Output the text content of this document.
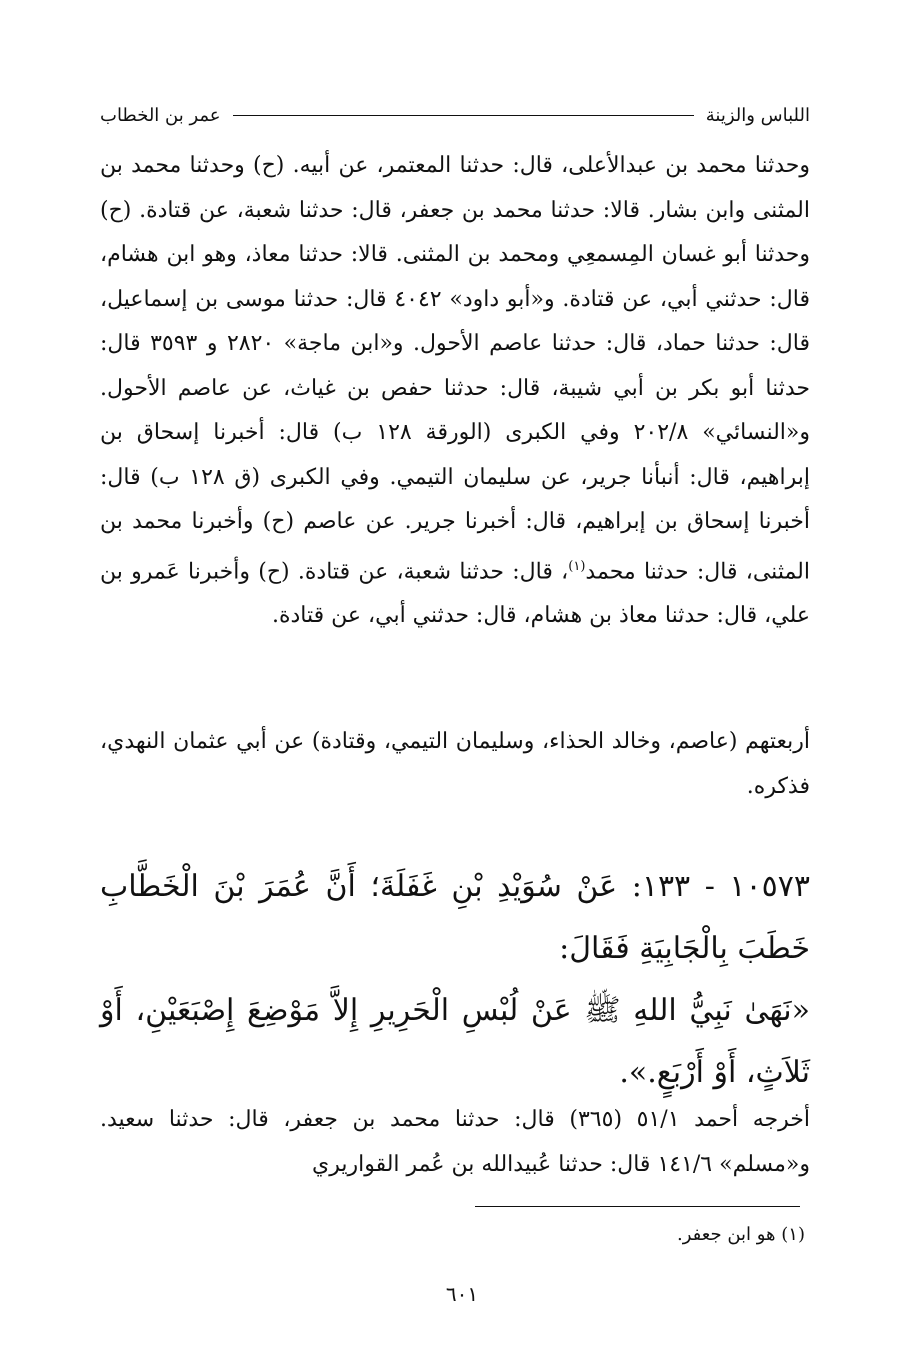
اللباس والزينة
عمر بن الخطاب

وحدثنا محمد بن عبدالأعلى، قال: حدثنا المعتمر، عن أبيه. (ح) وحدثنا محمد بن المثنى وابن بشار. قالا: حدثنا محمد بن جعفر، قال: حدثنا شعبة، عن قتادة. (ح) وحدثنا أبو غسان المِسمعِي ومحمد بن المثنى. قالا: حدثنا معاذ، وهو ابن هشام، قال: حدثني أبي، عن قتادة. و«أبو داود» ٤٠٤٢ قال: حدثنا موسى بن إسماعيل، قال: حدثنا حماد، قال: حدثنا عاصم الأحول. و«ابن ماجة» ٢٨٢٠ و ٣٥٩٣ قال: حدثنا أبو بكر بن أبي شيبة، قال: حدثنا حفص بن غياث، عن عاصم الأحول. و«النسائي» ٢٠٢/٨ وفي الكبرى (الورقة ١٢٨ ب) قال: أخبرنا إسحاق بن إبراهيم، قال: أنبأنا جرير، عن سليمان التيمي. وفي الكبرى (ق ١٢٨ ب) قال: أخبرنا إسحاق بن إبراهيم، قال: أخبرنا جرير. عن عاصم (ح) وأخبرنا محمد بن المثنى، قال: حدثنا محمد$^{(١)}$، قال: حدثنا شعبة، عن قتادة. (ح) وأخبرنا عَمرو بن علي، قال: حدثنا معاذ بن هشام، قال: حدثني أبي، عن قتادة.

أربعتهم (عاصم، وخالد الحذاء، وسليمان التيمي، وقتادة) عن أبي عثمان النهدي، فذكره.

١٠٥٧٣ - ١٣٣: عَنْ سُوَيْدِ بْنِ غَفَلَةَ؛ أَنَّ عُمَرَ بْنَ الْخَطَّابِ خَطَبَ بِالْجَابِيَةِ فَقَالَ:
«نَهَىٰ نَبِيُّ اللهِ ﷺ عَنْ لُبْسِ الْحَرِيرِ إِلاَّ مَوْضِعَ إِصْبَعَيْنِ، أَوْ ثَلاَثٍ، أَوْ أَرْبَعٍ.».

أخرجه أحمد ٥١/١ (٣٦٥) قال: حدثنا محمد بن جعفر، قال: حدثنا سعيد. و«مسلم» ١٤١/٦ قال: حدثنا عُبيدالله بن عُمر القواريري

(١) هو ابن جعفر.

٦٠١
